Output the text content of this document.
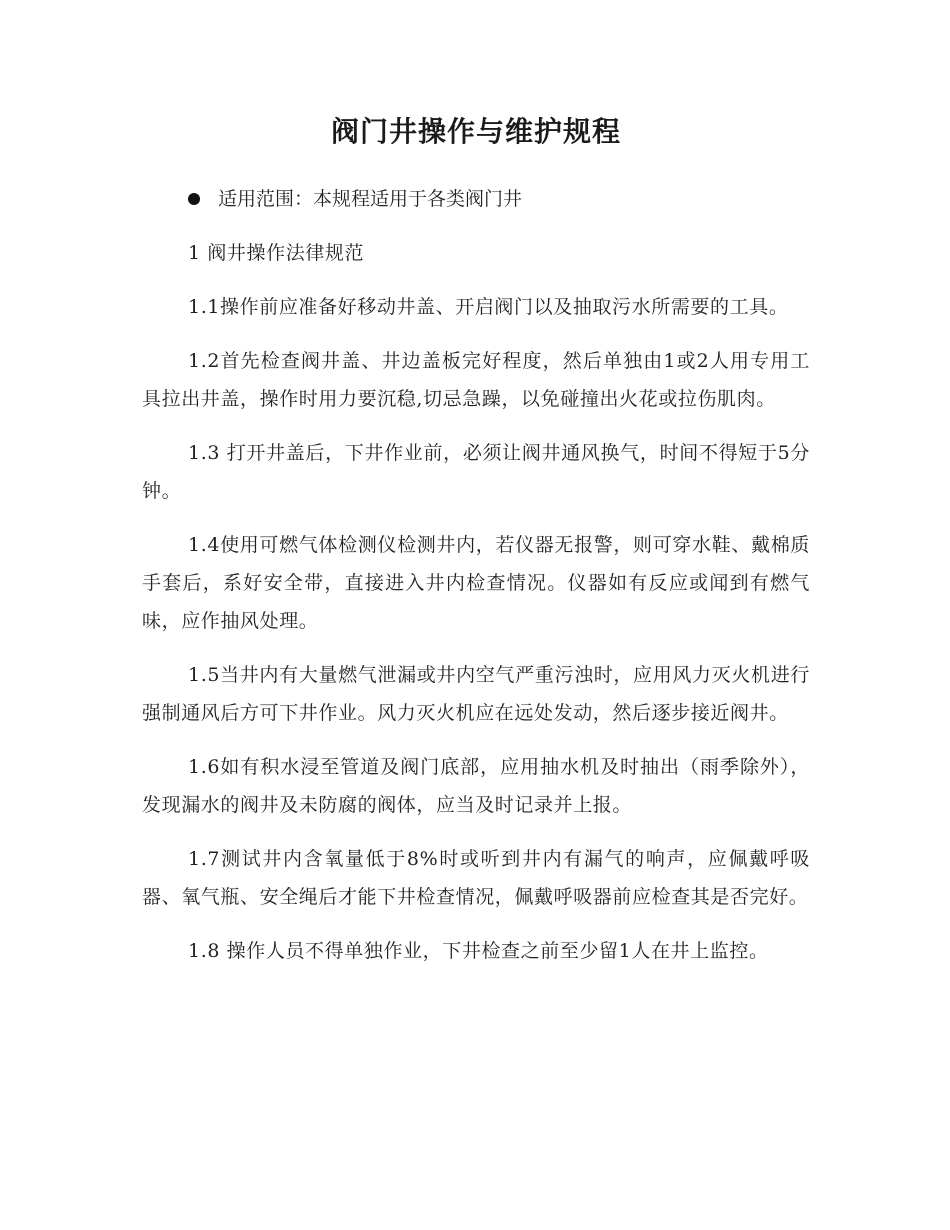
阀门井操作与维护规程
适用范围：本规程适用于各类阀门井

1 阀井操作法律规范

1.1操作前应准备好移动井盖、开启阀门以及抽取污水所需要的工具。

1.2首先检查阀井盖、井边盖板完好程度，然后单独由1或2人用专用工具拉出井盖，操作时用力要沉稳,切忌急躁，以免碰撞出火花或拉伤肌肉。

1.3 打开井盖后，下井作业前，必须让阀井通风换气，时间不得短于5分钟。

1.4使用可燃气体检测仪检测井内，若仪器无报警，则可穿水鞋、戴棉质手套后，系好安全带，直接进入井内检查情况。仪器如有反应或闻到有燃气味，应作抽风处理。

1.5当井内有大量燃气泄漏或井内空气严重污浊时，应用风力灭火机进行强制通风后方可下井作业。风力灭火机应在远处发动，然后逐步接近阀井。

1.6如有积水浸至管道及阀门底部，应用抽水机及时抽出（雨季除外），发现漏水的阀井及未防腐的阀体，应当及时记录并上报。

1.7测试井内含氧量低于8%时或听到井内有漏气的响声，应佩戴呼吸器、氧气瓶、安全绳后才能下井检查情况，佩戴呼吸器前应检查其是否完好。

1.8 操作人员不得单独作业，下井检查之前至少留1人在井上监控。
